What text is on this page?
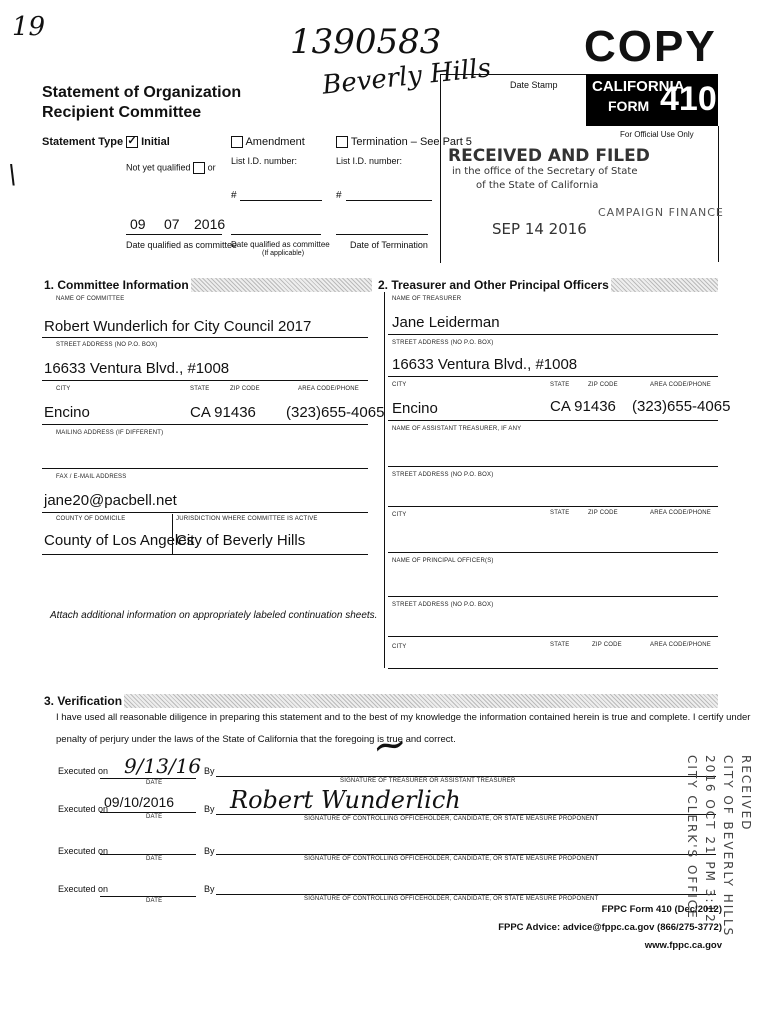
19	1390583
Beverly Hills
COPY
Statement of Organization
Recipient Committee
Date Stamp CALIFORNIA
FORM 410
For Official Use Only
Statement Type ✓ Initial
Not yet qualified or
Amendment
List I.D. number:
Termination – See Part 5
List I.D. number:
#	#
\
09 07 2016
Date qualified as committee
Date qualified as committee
(If applicable)
Date of Termination
RECEIVED AND FILED
in the office of the Secretary of State
of the State of California
SEP 14 2016
CAMPAIGN FINANCE
1. Committee Information
NAME OF COMMITTEE
Robert Wunderlich for City Council 2017
STREET ADDRESS (NO P.O. BOX)
16633 Ventura Blvd., #1008
CITY	STATE	ZIP CODE	AREA CODE/PHONE
Encino	CA 91436 (323)655-4065
MAILING ADDRESS (IF DIFFERENT)
FAX / E-MAIL ADDRESS
jane20@pacbell.net
COUNTY OF DOMICILE	JURISDICTION WHERE COMMITTEE IS ACTIVE
County of Los Angeles
City of Beverly Hills
Attach additional information on appropriately labeled continuation sheets.
2. Treasurer and Other Principal Officers
NAME OF TREASURER
Jane Leiderman
STREET ADDRESS (NO P.O. BOX)
16633 Ventura Blvd., #1008
CITY	STATE	ZIP CODE	AREA CODE/PHONE
Encino	CA 91436 (323)655-4065
NAME OF ASSISTANT TREASURER, IF ANY
STREET ADDRESS (NO P.O. BOX)
CITY	STATE	ZIP CODE	AREA CODE/PHONE
NAME OF PRINCIPAL OFFICER(S)
STREET ADDRESS (NO P.O. BOX)
CITY	STATE	ZIP CODE	AREA CODE/PHONE
3. Verification
I have used all reasonable diligence in preparing this statement and to the best of my knowledge the information contained herein is true and complete. I certify under
penalty of perjury under the laws of the State of California that the foregoing is true and correct.
Executed on 9/13/16
DATE
By
SIGNATURE OF TREASURER OR ASSISTANT TREASURER
~
Executed on
09/10/2016
DATE
By Robert Wunderlich
SIGNATURE OF CONTROLLING OFFICEHOLDER, CANDIDATE, OR STATE MEASURE PROPONENT
Executed on
DATE
By
SIGNATURE OF CONTROLLING OFFICEHOLDER, CANDIDATE, OR STATE MEASURE PROPONENT
Executed on
DATE
By
SIGNATURE OF CONTROLLING OFFICEHOLDER, CANDIDATE, OR STATE MEASURE PROPONENT
RECEIVED
CITY OF BEVERLY HILLS
2016 OCT 21 PM 3:12
CITY CLERK'S OFFICE
FPPC Form 410 (Dec/2012)
FPPC Advice: advice@fppc.ca.gov (866/275-3772)
www.fppc.ca.gov
